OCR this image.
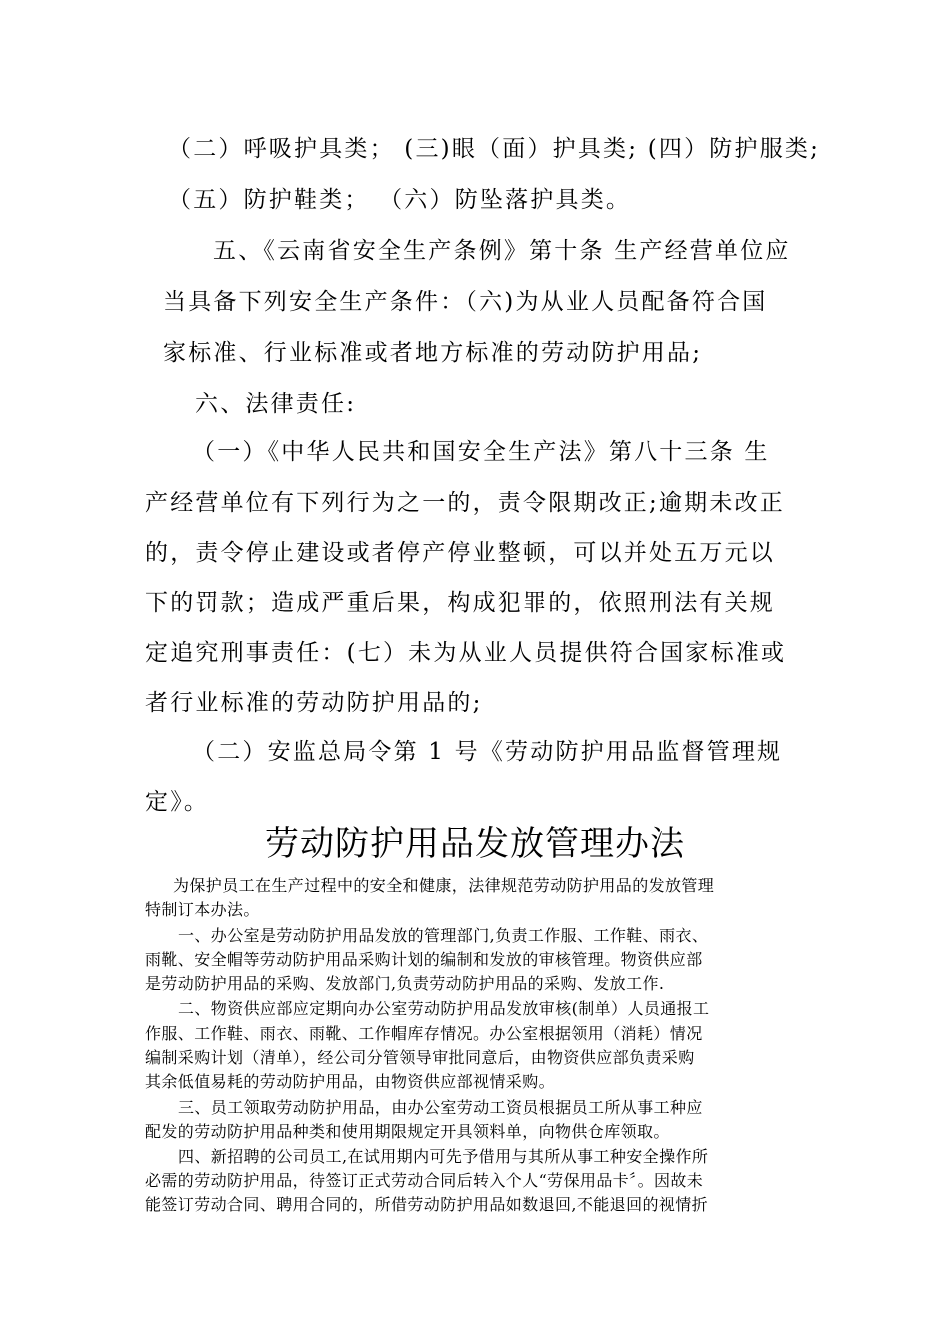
（二）呼吸护具类； (三)眼（面）护具类; (四）防护服类;
（五）防护鞋类； （六）防坠落护具类。
五、《云南省安全生产条例》第十条 生产经营单位应
当具备下列安全生产条件：（六)为从业人员配备符合国
家标准、行业标准或者地方标准的劳动防护用品;
六、法律责任:
（一）《中华人民共和国安全生产法》第八十三条 生
产经营单位有下列行为之一的，责令限期改正;逾期未改正
的，责令停止建设或者停产停业整顿，可以并处五万元以
下的罚款；造成严重后果，构成犯罪的，依照刑法有关规
定追究刑事责任：(七）未为从业人员提供符合国家标准或
者行业标准的劳动防护用品的;
（二）安监总局令第 1 号《劳动防护用品监督管理规
定》。
劳动防护用品发放管理办法
为保护员工在生产过程中的安全和健康，法律规范劳动防护用品的发放管理
特制订本办法。
一、办公室是劳动防护用品发放的管理部门,负责工作服、工作鞋、雨衣、
雨靴、安全帽等劳动防护用品采购计划的编制和发放的审核管理。物资供应部
是劳动防护用品的采购、发放部门,负责劳动防护用品的采购、发放工作.
二、物资供应部应定期向办公室劳动防护用品发放审核(制单）人员通报工
作服、工作鞋、雨衣、雨靴、工作帽库存情况。办公室根据领用（消耗）情况
编制采购计划（清单），经公司分管领导审批同意后，由物资供应部负责采购
其余低值易耗的劳动防护用品，由物资供应部视情采购。
三、员工领取劳动防护用品，由办公室劳动工资员根据员工所从事工种应
配发的劳动防护用品种类和使用期限规定开具领料单，向物供仓库领取。
四、新招聘的公司员工,在试用期内可先予借用与其所从事工种安全操作所
必需的劳动防护用品，待签订正式劳动合同后转入个人“劳保用品卡〞。因故未
能签订劳动合同、聘用合同的，所借劳动防护用品如数退回,不能退回的视情折
